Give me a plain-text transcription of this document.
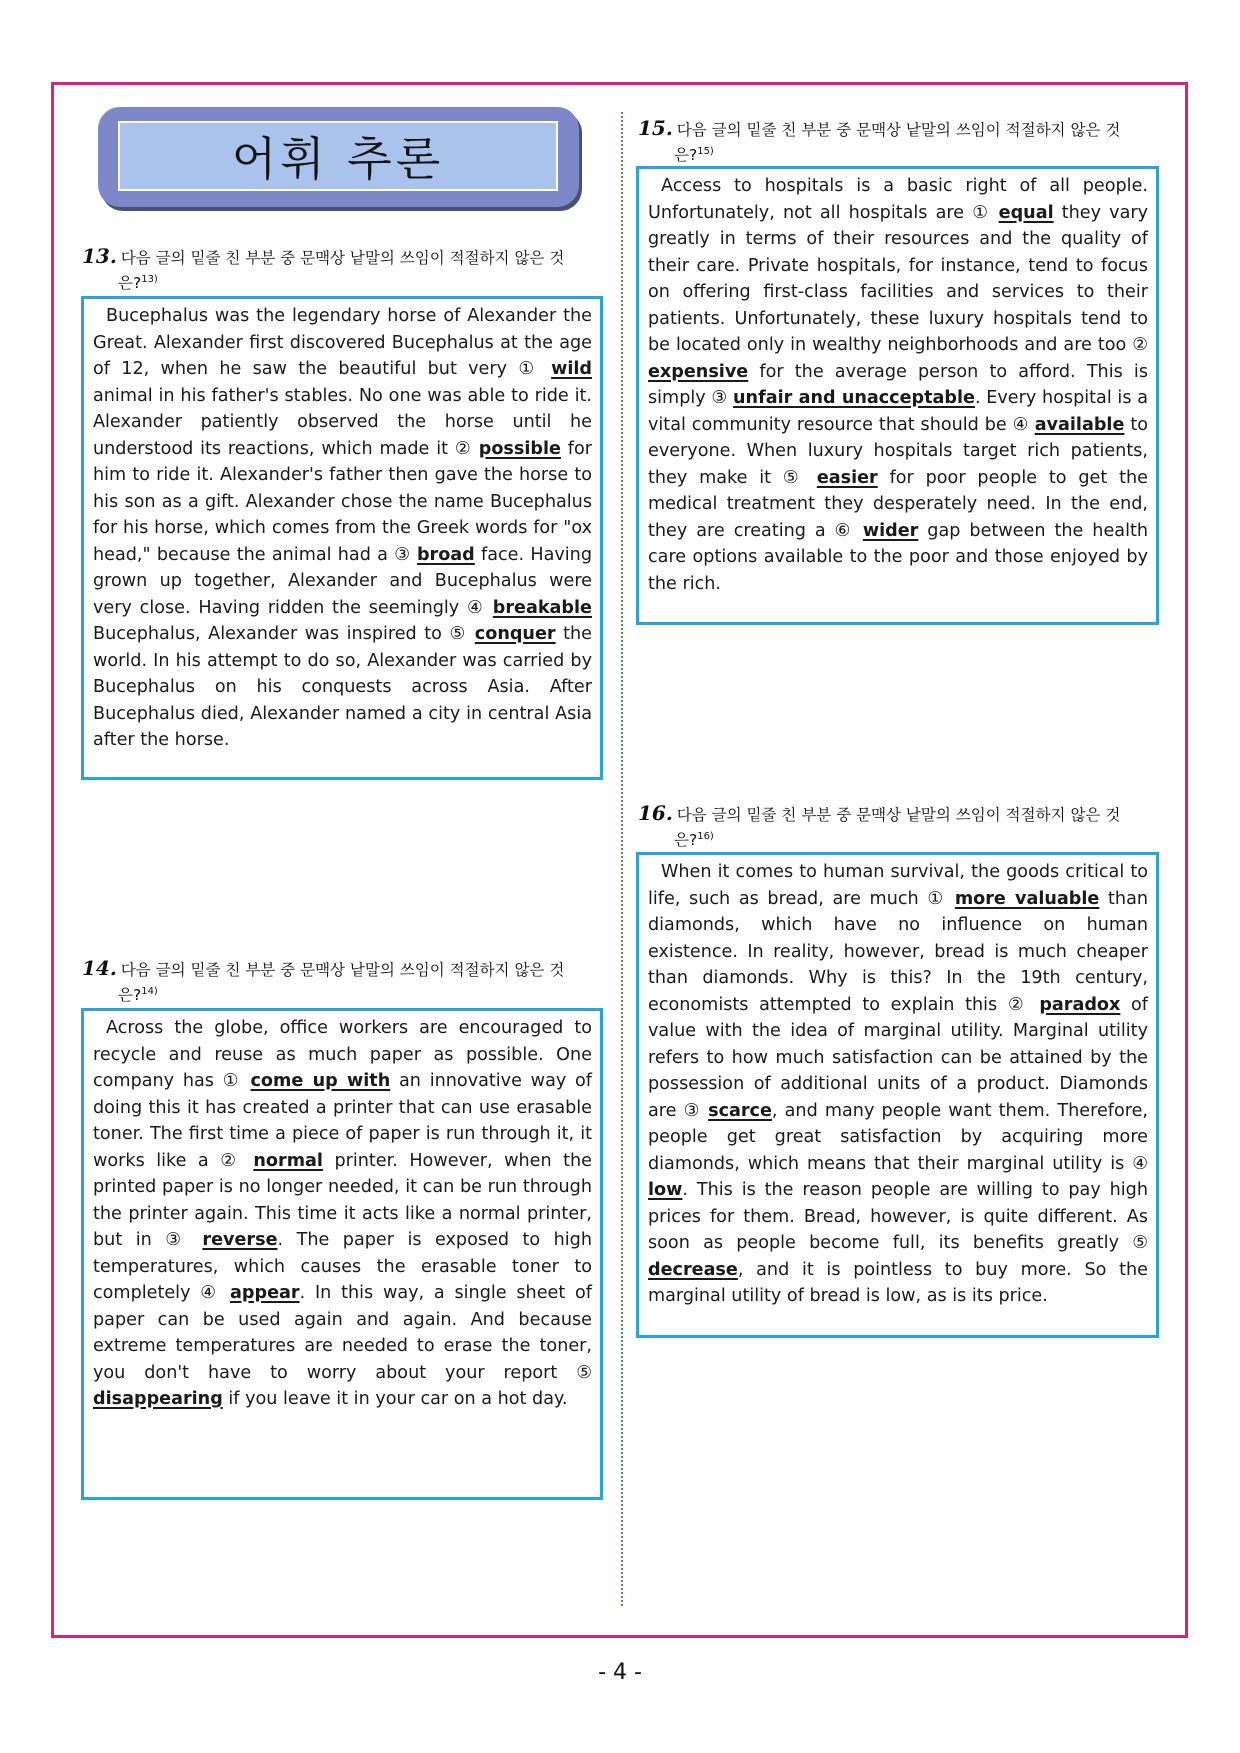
어휘 추론
13. 다음 글의 밑줄 친 부분 중 문맥상 낱말의 쓰임이 적절하지 않은 것
은?$^{13)}$

Bucephalus was the legendary horse of Alexander the Great. Alexander first discovered Bucephalus at the age of 12, when he saw the beautiful but very ① wild animal in his father's stables. No one was able to ride it. Alexander patiently observed the horse until he understood its reactions, which made it ② possible for him to ride it. Alexander's father then gave the horse to his son as a gift. Alexander chose the name Bucephalus for his horse, which comes from the Greek words for "ox head," because the animal had a ③ broad face. Having grown up together, Alexander and Bucephalus were very close. Having ridden the seemingly ④ breakable Bucephalus, Alexander was inspired to ⑤ conquer the world. In his attempt to do so, Alexander was carried by Bucephalus on his conquests across Asia. After Bucephalus died, Alexander named a city in central Asia after the horse.

14. 다음 글의 밑줄 친 부분 중 문맥상 낱말의 쓰임이 적절하지 않은 것
은?$^{14)}$

Across the globe, office workers are encouraged to recycle and reuse as much paper as possible. One company has ① come up with an innovative way of doing this it has created a printer that can use erasable toner. The first time a piece of paper is run through it, it works like a ② normal printer. However, when the printed paper is no longer needed, it can be run through the printer again. This time it acts like a normal printer, but in ③ reverse. The paper is exposed to high temperatures, which causes the erasable toner to completely ④ appear. In this way, a single sheet of paper can be used again and again. And because extreme temperatures are needed to erase the toner, you don't have to worry about your report ⑤ disappearing if you leave it in your car on a hot day.

15. 다음 글의 밑줄 친 부분 중 문맥상 낱말의 쓰임이 적절하지 않은 것
은?$^{15)}$

Access to hospitals is a basic right of all people. Unfortunately, not all hospitals are ① equal they vary greatly in terms of their resources and the quality of their care. Private hospitals, for instance, tend to focus on offering first-class facilities and services to their patients. Unfortunately, these luxury hospitals tend to be located only in wealthy neighborhoods and are too ② expensive for the average person to afford. This is simply ③ unfair and unacceptable. Every hospital is a vital community resource that should be ④ available to everyone. When luxury hospitals target rich patients, they make it ⑤ easier for poor people to get the medical treatment they desperately need. In the end, they are creating a ⑥ wider gap between the health care options available to the poor and those enjoyed by the rich.

16. 다음 글의 밑줄 친 부분 중 문맥상 낱말의 쓰임이 적절하지 않은 것
은?$^{16)}$

When it comes to human survival, the goods critical to life, such as bread, are much ① more valuable than diamonds, which have no influence on human existence. In reality, however, bread is much cheaper than diamonds. Why is this? In the 19th century, economists attempted to explain this ② paradox of value with the idea of marginal utility. Marginal utility refers to how much satisfaction can be attained by the possession of additional units of a product. Diamonds are ③ scarce, and many people want them. Therefore, people get great satisfaction by acquiring more diamonds, which means that their marginal utility is ④ low. This is the reason people are willing to pay high prices for them. Bread, however, is quite different. As soon as people become full, its benefits greatly ⑤ decrease, and it is pointless to buy more. So the marginal utility of bread is low, as is its price.

- 4 -
